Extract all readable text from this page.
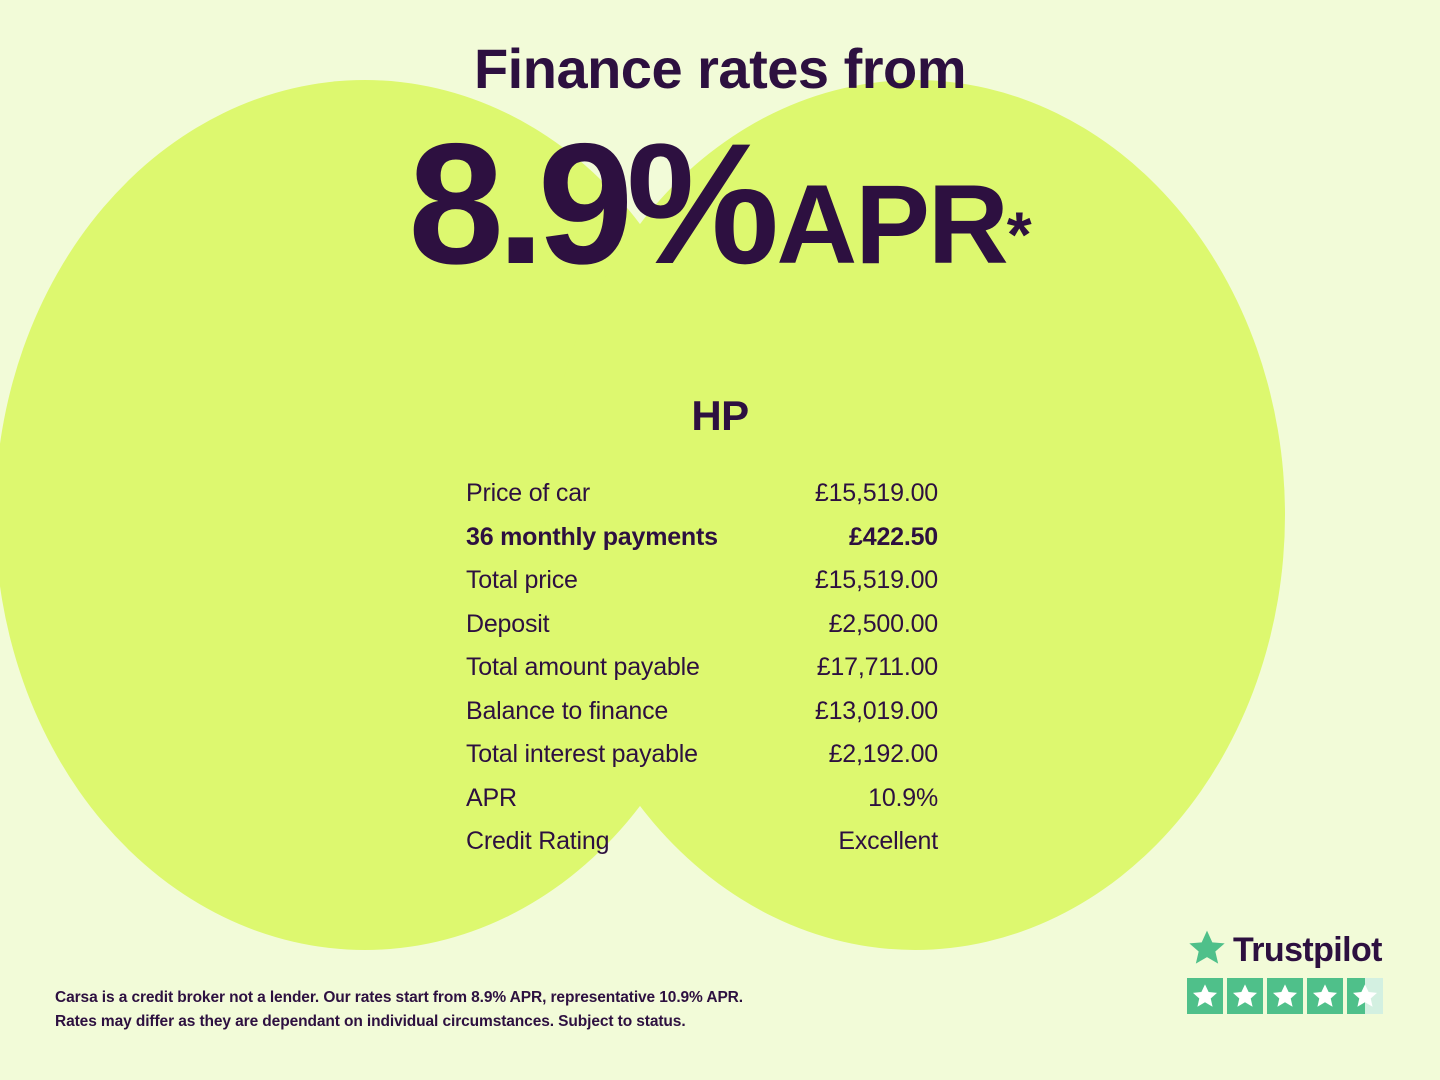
Finance rates from
8.9%APR*
HP
Price of car	£15,519.00
36 monthly payments	£422.50
Total price	£15,519.00
Deposit	£2,500.00
Total amount payable	£17,711.00
Balance to finance	£13,019.00
Total interest payable	£2,192.00
APR	10.9%
Credit Rating	Excellent
Carsa is a credit broker not a lender. Our rates start from 8.9% APR, representative 10.9% APR.
Rates may differ as they are dependant on individual circumstances. Subject to status.
Trustpilot
